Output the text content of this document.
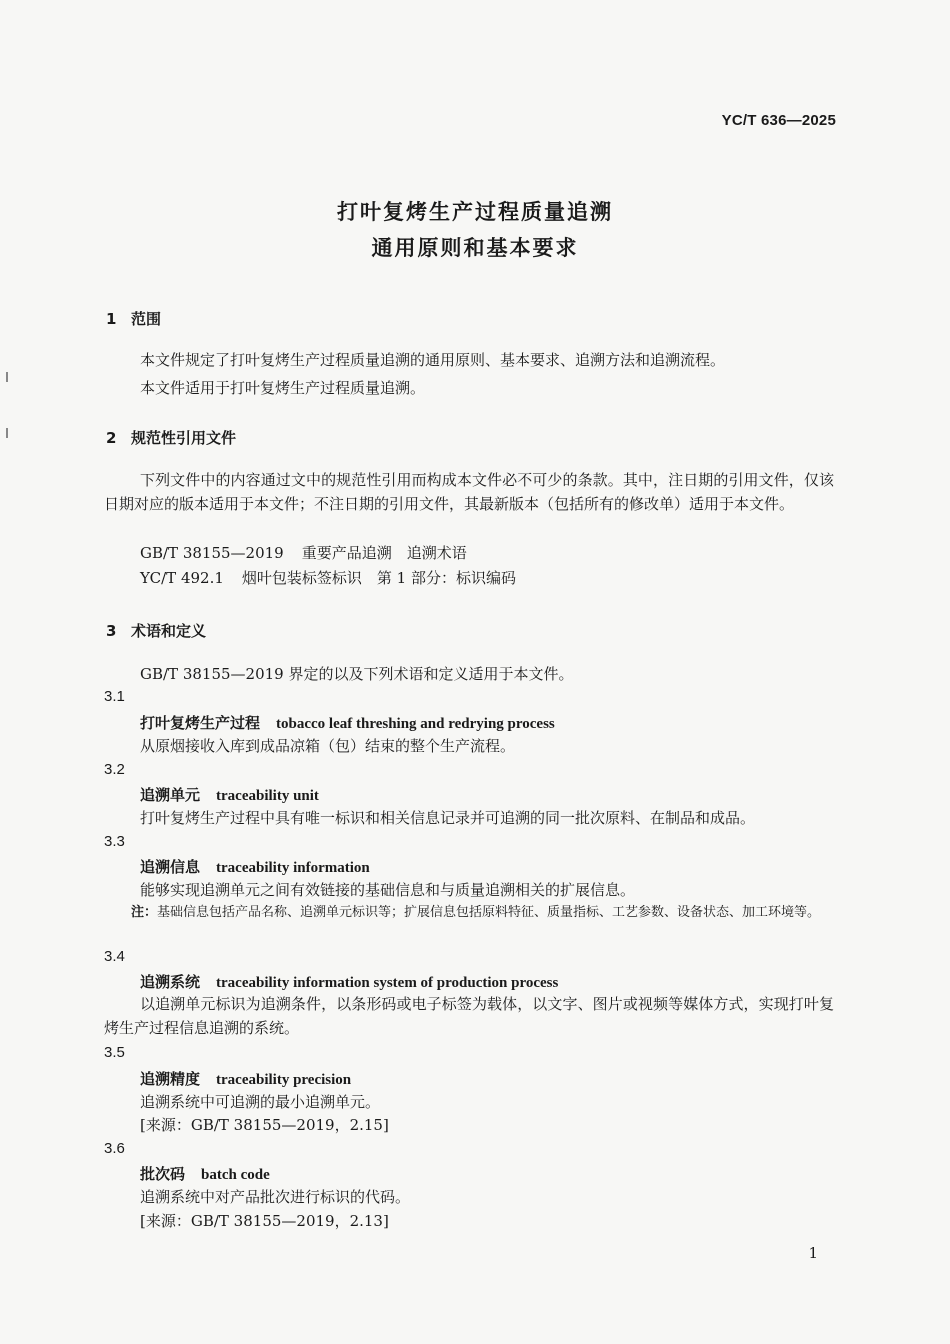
YC/T 636—2025
打叶复烤生产过程质量追溯
通用原则和基本要求
1 范围
本文件规定了打叶复烤生产过程质量追溯的通用原则、基本要求、追溯方法和追溯流程。
本文件适用于打叶复烤生产过程质量追溯。
2 规范性引用文件
下列文件中的内容通过文中的规范性引用而构成本文件必不可少的条款。其中，注日期的引用文件，仅该日期对应的版本适用于本文件；不注日期的引用文件，其最新版本（包括所有的修改单）适用于本文件。
GB/T 38155—2019 重要产品追溯　追溯术语
YC/T 492.1 烟叶包装标签标识　第 1 部分：标识编码
3 术语和定义
GB/T 38155—2019 界定的以及下列术语和定义适用于本文件。
3.1
打叶复烤生产过程 tobacco leaf threshing and redrying process
从原烟接收入库到成品凉箱（包）结束的整个生产流程。
3.2
追溯单元 traceability unit
打叶复烤生产过程中具有唯一标识和相关信息记录并可追溯的同一批次原料、在制品和成品。
3.3
追溯信息 traceability information
能够实现追溯单元之间有效链接的基础信息和与质量追溯相关的扩展信息。
注：基础信息包括产品名称、追溯单元标识等；扩展信息包括原料特征、质量指标、工艺参数、设备状态、加工环境等。
3.4
追溯系统 traceability information system of production process
以追溯单元标识为追溯条件，以条形码或电子标签为载体，以文字、图片或视频等媒体方式，实现打叶复烤生产过程信息追溯的系统。
3.5
追溯精度 traceability precision
追溯系统中可追溯的最小追溯单元。
[来源：GB/T 38155—2019，2.15]
3.6
批次码 batch code
追溯系统中对产品批次进行标识的代码。
[来源：GB/T 38155—2019，2.13]
1
